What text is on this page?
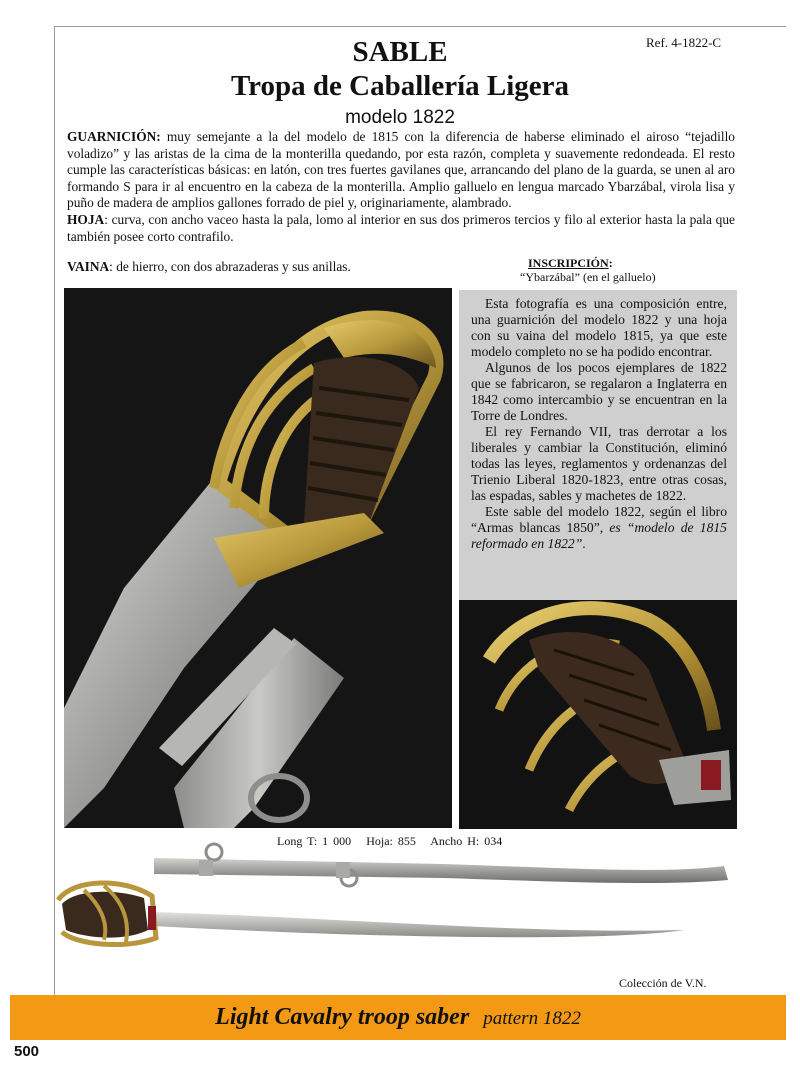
Ref. 4-1822-C
SABLE
Tropa de Caballería Ligera
modelo 1822

GUARNICIÓN: muy semejante a la del modelo de 1815 con la diferencia de haberse eliminado el airoso “tejadillo voladizo” y las aristas de la cima de la monterilla quedando, por esta razón, completa y suavemente redondeada. El resto cumple las características básicas: en latón, con tres fuertes gavilanes que, arrancando del plano de la guarda, se unen al aro formando S para ir al encuentro en la cabeza de la monterilla. Amplio galluelo en lengua marcado Ybarzábal, virola lisa y puño de madera de amplios gallones forrado de piel y, originariamente, alambrado.

HOJA: curva, con ancho vaceo hasta la pala, lomo al interior en sus dos primeros tercios y filo al exterior hasta la pala que también posee corto contrafilo.

VAINA: de hierro, con dos abrazaderas y sus anillas.	INSCRIPCIÓN:
“Ybarzábal” (en el galluelo)

Esta fotografía es una composición entre, una guarnición del modelo 1822 y una hoja con su vaina del modelo 1815, ya que este modelo completo no se ha podido encontrar.

Algunos de los pocos ejemplares de 1822 que se fabricaron, se regalaron a Inglaterra en 1842 como intercambio y se encuentran en la Torre de Londres.

El rey Fernando VII, tras derrotar a los liberales y cambiar la Constitución, eliminó todas las leyes, reglamentos y ordenanzas del Trienio Liberal 1820-1823, entre otras cosas, las espadas, sables y machetes de 1822.

Este sable del modelo 1822, según el libro “Armas blancas 1850”, es “modelo de 1815 reformado en 1822”.

Long T: 1 000 Hoja: 855 Ancho H: 034
Colección de V.N.
Light Cavalry troop saber pattern 1822
500
